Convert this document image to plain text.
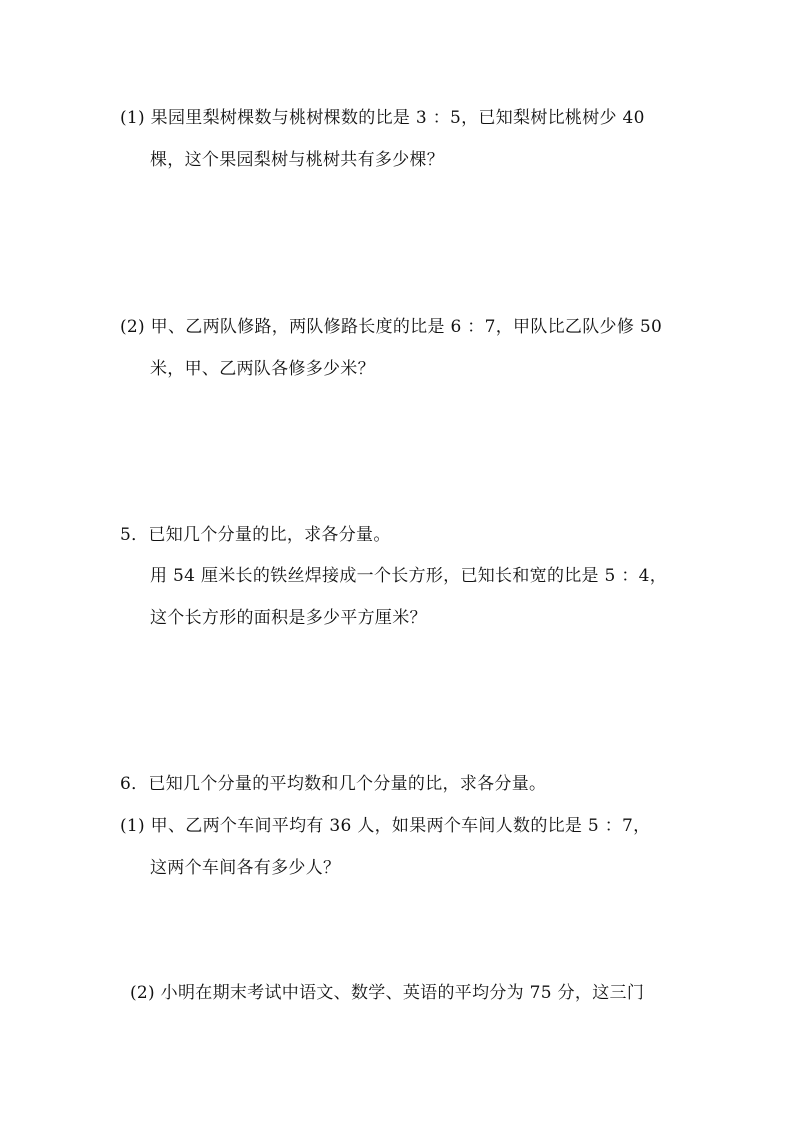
(1) 果园里梨树棵数与桃树棵数的比是 3 ：5，已知梨树比桃树少 40
棵，这个果园梨树与桃树共有多少棵？
(2) 甲、乙两队修路，两队修路长度的比是 6 ：7，甲队比乙队少修 50
米，甲、乙两队各修多少米？
5．已知几个分量的比，求各分量。
用 54 厘米长的铁丝焊接成一个长方形，已知长和宽的比是 5 ：4，
这个长方形的面积是多少平方厘米？
6．已知几个分量的平均数和几个分量的比，求各分量。
(1) 甲、乙两个车间平均有 36 人，如果两个车间人数的比是 5 ：7，
这两个车间各有多少人？
(2) 小明在期末考试中语文、数学、英语的平均分为 75 分，这三门
